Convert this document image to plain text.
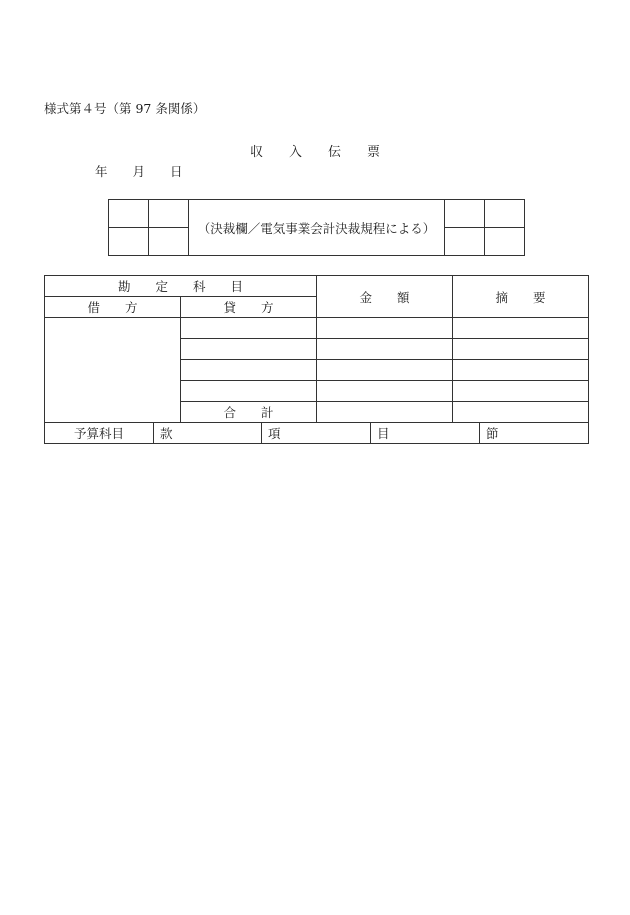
様式第４号（第 97 条関係）
収　　入　　伝　　票
年　　月　　日
		（決裁欄／電気事業会計決裁規程による）		

勘　　定　　科　　目				金　　額		摘　　要	
借　　方		貸　　方					

		合　　計					
予算科目	款		項		目		節
